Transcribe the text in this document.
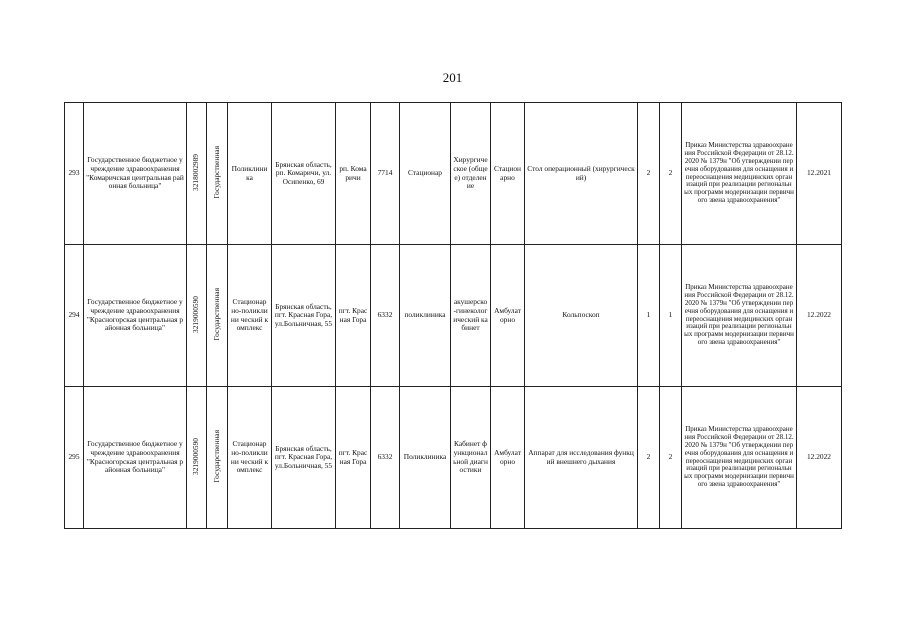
201
293	Государственное бюджетное учреждение здравоохранения "Комаричская центральная районная больница"	3218002989	Государственная	Поликлиника	Брянская область, рп. Комаричи, ул.Осипенко, 69	рп. Комаричи	7714	Стационар	Хирургическое (общее) отделение	Стационарно	Стол операционный (хирургический)	2	2	Приказ Министерства здравоохранения Российской Федерации от 28.12.2020 № 1379н "Об утверждении перечня оборудования для оснащения и переоснащения медицинских организаций при реализации региональных программ модернизации первичного звена здравоохранения"	12.2021
294	Государственное бюджетное учреждение здравоохранения "Красногорская центральная районная больница"	3219000590	Государственная	Стационар но-поликлини ческий комплекс	Брянская область, пгт. Красная Гора, ул.Больничная, 55	пгт. Красная Гора	6332	поликлиника	акушерско-гинекологический кабинет	Амбулаторно	Кольпоскоп	1	1	Приказ Министерства здравоохранения Российской Федерации от 28.12.2020 № 1379н "Об утверждении перечня оборудования для оснащения и переоснащения медицинских организаций при реализации региональных программ модернизации первичного звена здравоохранения"	12.2022
295	Государственное бюджетное учреждение здравоохранения "Красногорская центральная районная больница"	3219000590	Государственная	Стационар но-поликлини ческий комплекс	Брянская область, пгт. Красная Гора, ул.Больничная, 55	пгт. Красная Гора	6332	Поликлиника	Кабинет функциональной диагностики	Амбулаторно	Аппарат для исследования функций внешнего дыхания	2	2	Приказ Министерства здравоохранения Российской Федерации от 28.12.2020 № 1379н "Об утверждении перечня оборудования для оснащения и переоснащения медицинских организаций при реализации региональных программ модернизации первичного звена здравоохранения"	12.2022
